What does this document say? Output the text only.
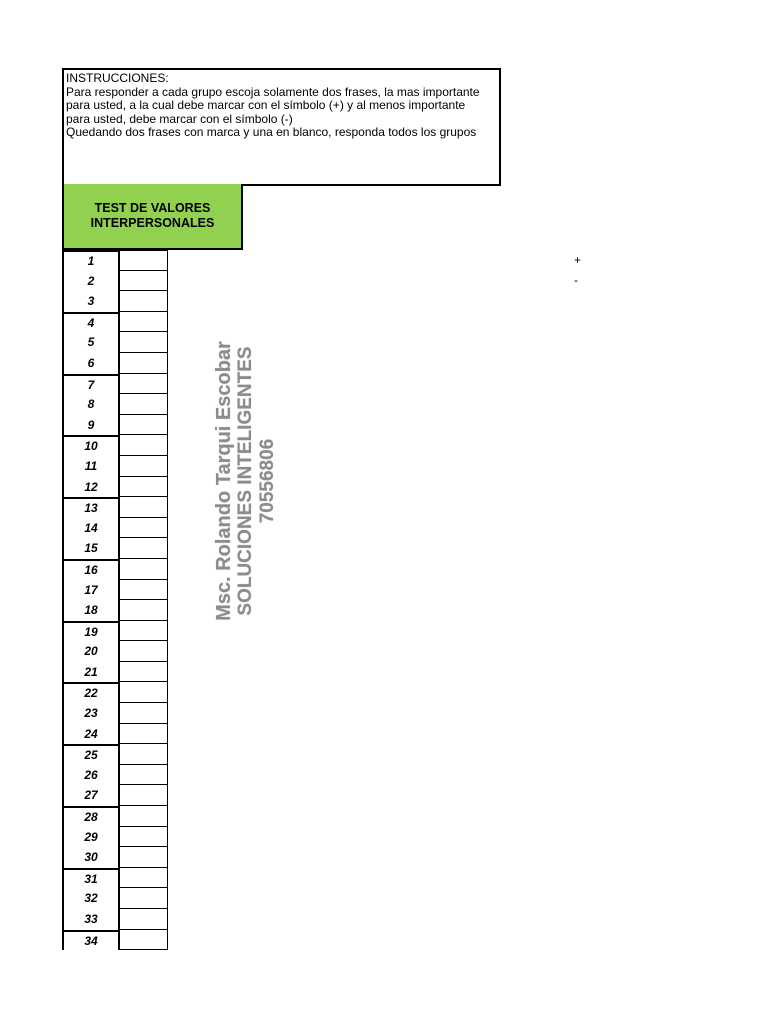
INSTRUCCIONES:
Para responder a cada grupo escoja solamente dos frases, la mas importante
para usted, a la cual debe marcar con el símbolo (+) y al menos importante
para usted, debe marcar con el símbolo (-)
Quedando dos frases con marca y una en blanco, responda todos los grupos
TEST DE VALORES
INTERPERSONALES
1
2
3
4
5
6
7
8
9
10
11
12
13
14
15
16
17
18
19
20
21
22
23
24
25
26
27
28
29
30
31
32
33
34
Msc. Rolando Tarqui Escobar SOLUCIONES INTELIGENTES 70556806
+
-
